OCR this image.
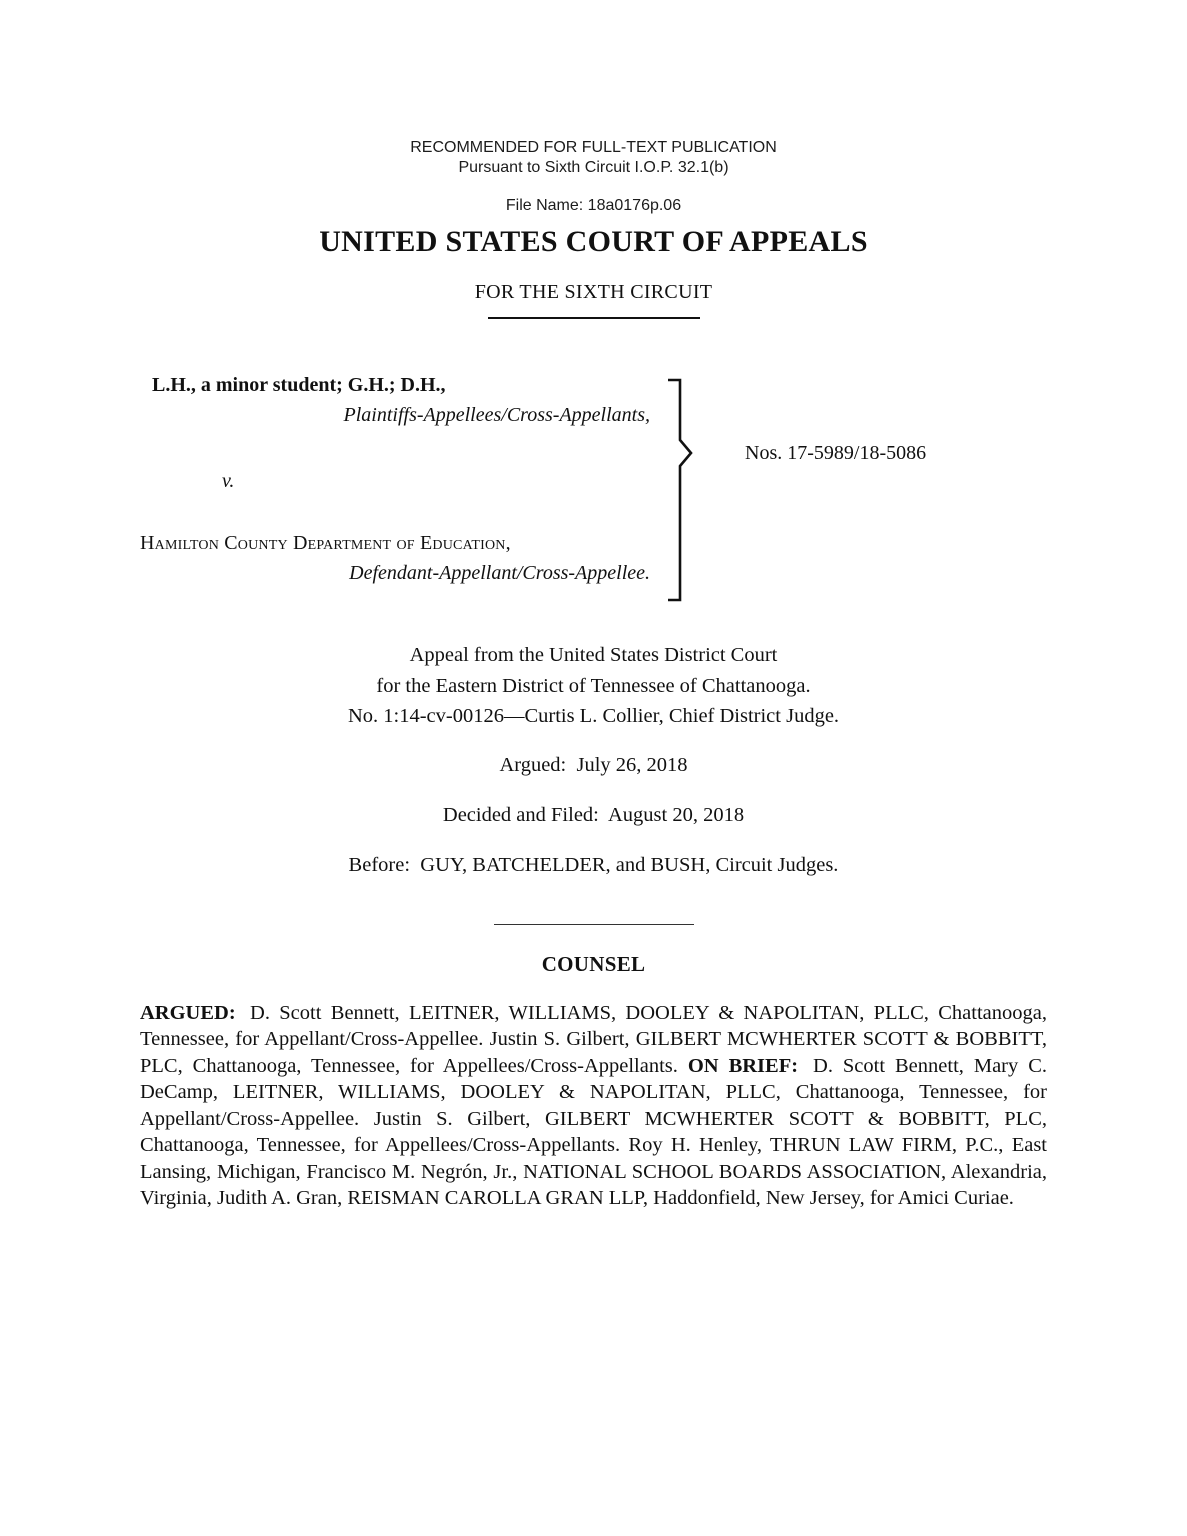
RECOMMENDED FOR FULL-TEXT PUBLICATION
Pursuant to Sixth Circuit I.O.P. 32.1(b)
File Name: 18a0176p.06
UNITED STATES COURT OF APPEALS
FOR THE SIXTH CIRCUIT
L.H., a minor student; G.H.; D.H.,
Plaintiffs-Appellees/Cross-Appellants,
v.
Hamilton County Department of Education,
Defendant-Appellant/Cross-Appellee.
Nos. 17-5989/18-5086
Appeal from the United States District Court
for the Eastern District of Tennessee of Chattanooga.
No. 1:14-cv-00126—Curtis L. Collier, Chief District Judge.
Argued:  July 26, 2018
Decided and Filed:  August 20, 2018
Before:  GUY, BATCHELDER, and BUSH, Circuit Judges.
COUNSEL

ARGUED: D. Scott Bennett, LEITNER, WILLIAMS, DOOLEY & NAPOLITAN, PLLC, Chattanooga, Tennessee, for Appellant/Cross-Appellee. Justin S. Gilbert, GILBERT MCWHERTER SCOTT & BOBBITT, PLC, Chattanooga, Tennessee, for Appellees/Cross-Appellants. ON BRIEF: D. Scott Bennett, Mary C. DeCamp, LEITNER, WILLIAMS, DOOLEY & NAPOLITAN, PLLC, Chattanooga, Tennessee, for Appellant/Cross-Appellee. Justin S. Gilbert, GILBERT MCWHERTER SCOTT & BOBBITT, PLC, Chattanooga, Tennessee, for Appellees/Cross-Appellants. Roy H. Henley, THRUN LAW FIRM, P.C., East Lansing, Michigan, Francisco M. Negrón, Jr., NATIONAL SCHOOL BOARDS ASSOCIATION, Alexandria, Virginia, Judith A. Gran, REISMAN CAROLLA GRAN LLP, Haddonfield, New Jersey, for Amici Curiae.
